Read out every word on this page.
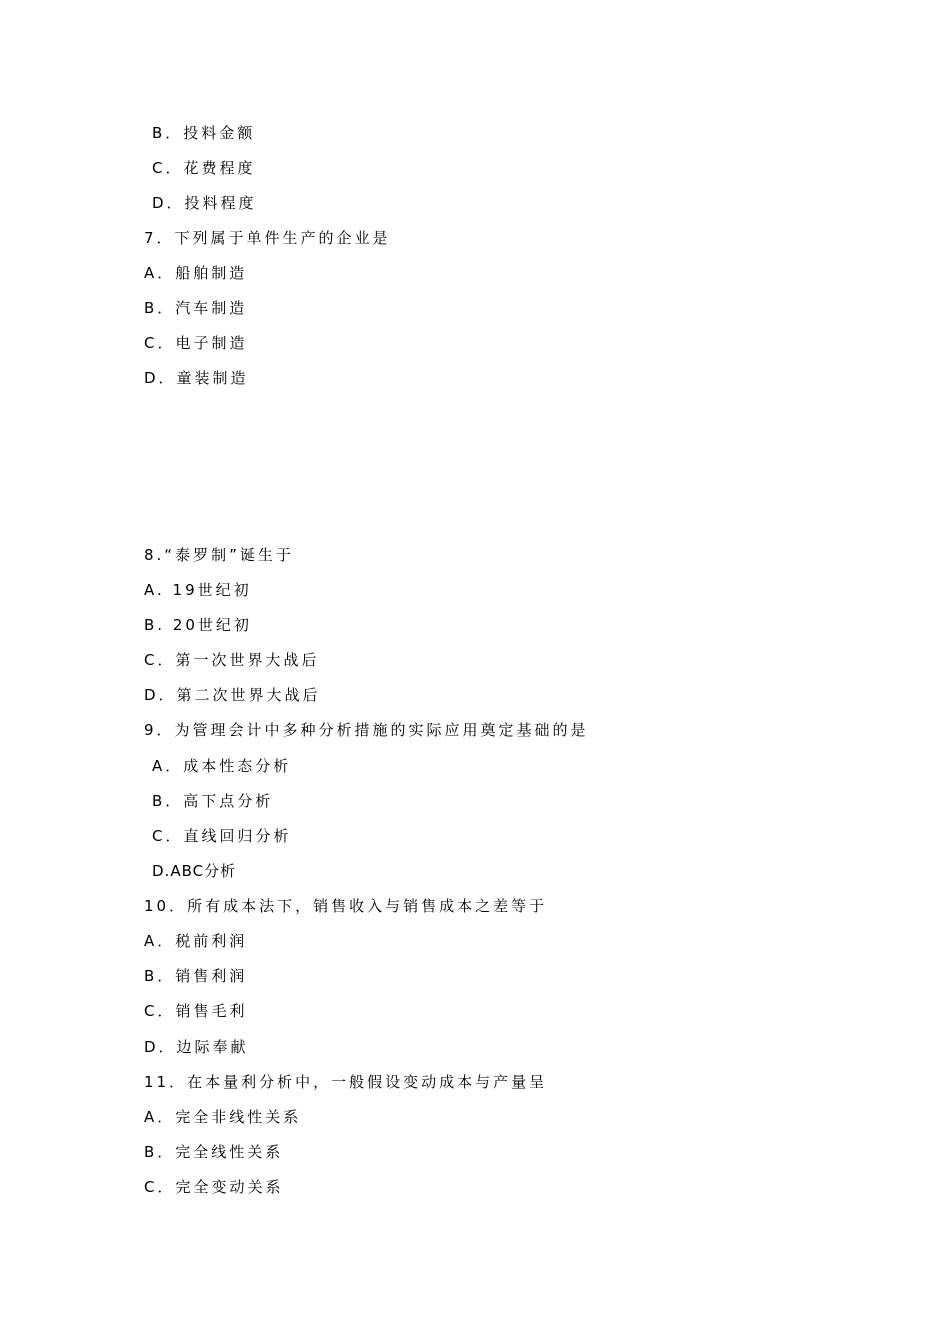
B．投料金额
C．花费程度
D．投料程度
7．下列属于单件生产的企业是
A．船舶制造
B．汽车制造
C．电子制造
D．童装制造
8.“泰罗制”诞生于
A. 19世纪初
B. 20世纪初
C．第一次世界大战后
D．第二次世界大战后
9．为管理会计中多种分析措施的实际应用奠定基础的是
A．成本性态分析
B．高下点分析
C．直线回归分析
D.ABC分析
10．所有成本法下，销售收入与销售成本之差等于
A．税前利润
B．销售利润
C．销售毛利
D．边际奉献
11．在本量利分析中，一般假设变动成本与产量呈
A．完全非线性关系
B．完全线性关系
C．完全变动关系
